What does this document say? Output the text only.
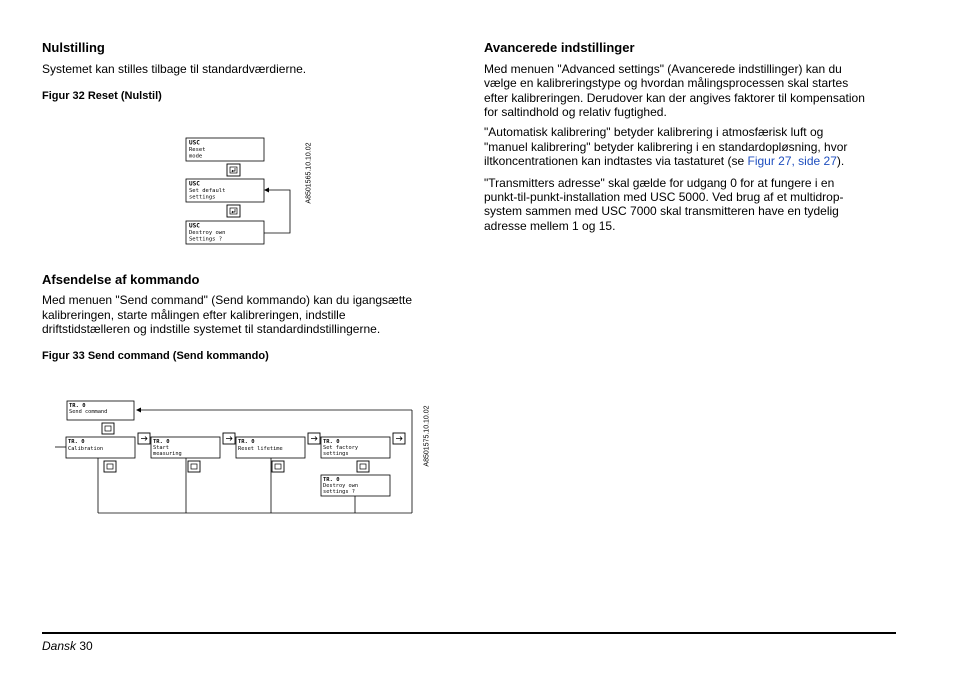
Nulstilling
Systemet kan stilles tilbage til standardværdierne.
Figur 32 Reset (Nulstil)
USC
Reset
mode
USC
Set default
settings
USC
Destroy own
Settings ?
A8501565.10.10.02
Afsendelse af kommando
Med menuen "Send command" (Send kommando) kan du igangsætte
kalibreringen, starte målingen efter kalibreringen, indstille
driftstidstælleren og indstille systemet til standardindstillingerne.
Figur 33 Send command (Send kommando)
TR. 0
Send command
TR. 0
Calibration
TR. 0
Start
measuring
TR. 0
Reset lifetime
TR. 0
Set factory
settings
TR. 0
Destroy own
settings ?
A8501575.10.10.02
Avancerede indstillinger
Med menuen "Advanced settings" (Avancerede indstillinger) kan du
vælge en kalibreringstype og hvordan målingsprocessen skal startes
efter kalibreringen. Derudover kan der angives faktorer til kompensation
for saltindhold og relativ fugtighed.
"Automatisk kalibrering" betyder kalibrering i atmosfærisk luft og
"manuel kalibrering" betyder kalibrering i en standardopløsning, hvor
iltkoncentrationen kan indtastes via tastaturet (se Figur 27, side 27).
"Transmitters adresse" skal gælde for udgang 0 for at fungere i en
punkt-til-punkt-installation med USC 5000. Ved brug af et multidrop-
system sammen med USC 7000 skal transmitteren have en tydelig
adresse mellem 1 og 15.
Dansk 30
